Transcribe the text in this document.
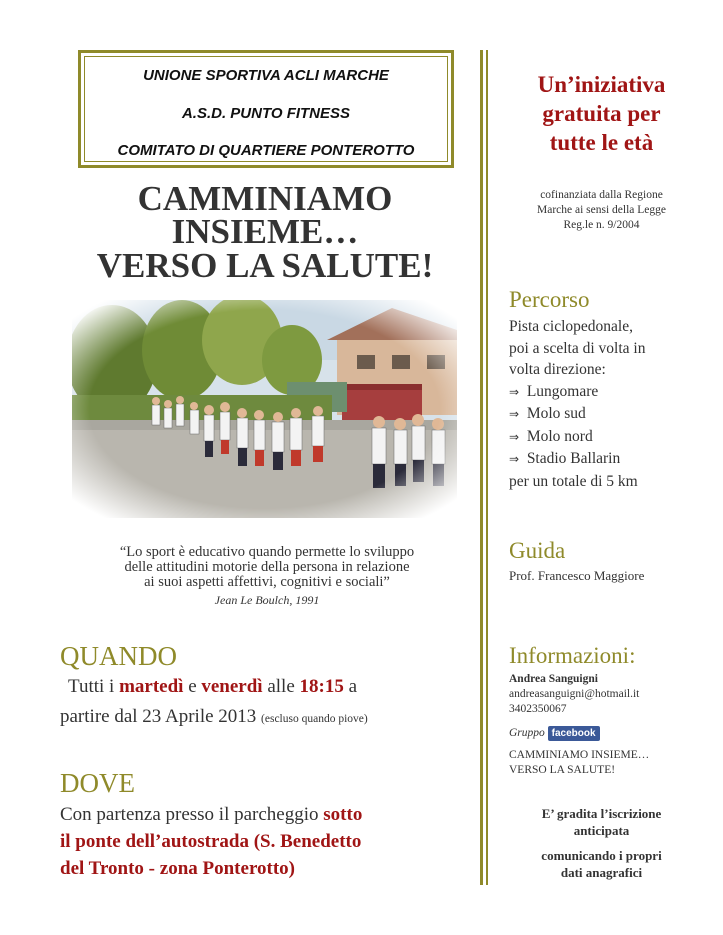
UNIONE SPORTIVA ACLI MARCHE
A.S.D. PUNTO FITNESS
COMITATO DI QUARTIERE PONTEROTTO
CAMMINIAMO
INSIEME…
VERSO LA SALUTE!
“Lo sport è educativo quando permette lo sviluppo
delle attitudini motorie della persona in relazione
ai suoi aspetti affettivi, cognitivi e sociali”
Jean Le Boulch, 1991
QUANDO
Tutti i martedì e venerdì alle 18:15 a
partire dal 23 Aprile 2013 (escluso quando piove)
DOVE
Con partenza presso il parcheggio sotto
il ponte dell’autostrada (S. Benedetto
del Tronto - zona Ponterotto)
Un’iniziativa
gratuita per
tutte le età
cofinanziata dalla Regione
Marche ai sensi della Legge
Reg.le n. 9/2004
Percorso
Pista ciclopedonale,
poi a scelta di volta in
volta direzione:
⇒ Lungomare
⇒ Molo sud
⇒ Molo nord
⇒ Stadio Ballarin
per un totale di 5 km
Guida
Prof. Francesco Maggiore
Informazioni:
Andrea Sanguigni
andreasanguigni@hotmail.it
3402350067
Gruppo facebook
CAMMINIAMO INSIEME…
VERSO LA SALUTE!
E’ gradita l’iscrizione
anticipata
comunicando i propri
dati anagrafici
